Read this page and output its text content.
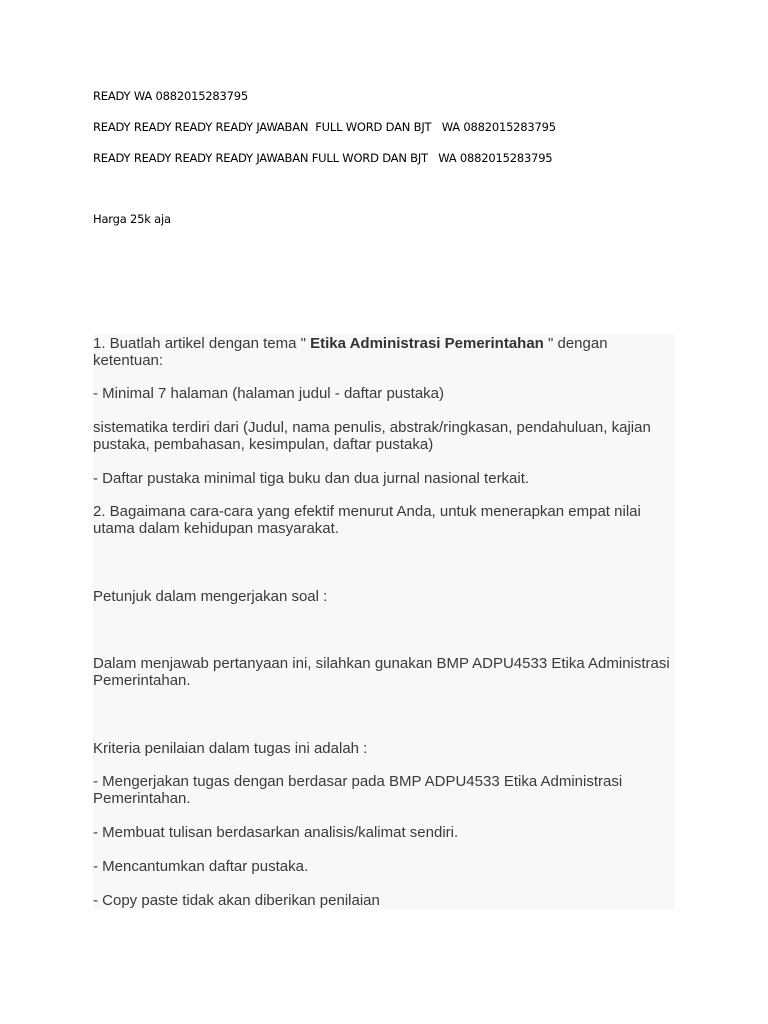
READY WA 0882015283795
READY READY READY READY JAWABAN  FULL WORD DAN BJT   WA 0882015283795
READY READY READY READY JAWABAN FULL WORD DAN BJT   WA 0882015283795
Harga 25k aja
1. Buatlah artikel dengan tema " Etika Administrasi Pemerintahan " dengan ketentuan:
- Minimal 7 halaman (halaman judul - daftar pustaka)
sistematika terdiri dari (Judul, nama penulis, abstrak/ringkasan, pendahuluan, kajian pustaka, pembahasan, kesimpulan, daftar pustaka)
- Daftar pustaka minimal tiga buku dan dua jurnal nasional terkait.
2. Bagaimana cara-cara yang efektif menurut Anda, untuk menerapkan empat nilai utama dalam kehidupan masyarakat.
Petunjuk dalam mengerjakan soal :
Dalam menjawab pertanyaan ini, silahkan gunakan BMP ADPU4533 Etika Administrasi Pemerintahan.
Kriteria penilaian dalam tugas ini adalah :
- Mengerjakan tugas dengan berdasar pada BMP ADPU4533 Etika Administrasi Pemerintahan.
- Membuat tulisan berdasarkan analisis/kalimat sendiri.
- Mencantumkan daftar pustaka.
- Copy paste tidak akan diberikan penilaian
